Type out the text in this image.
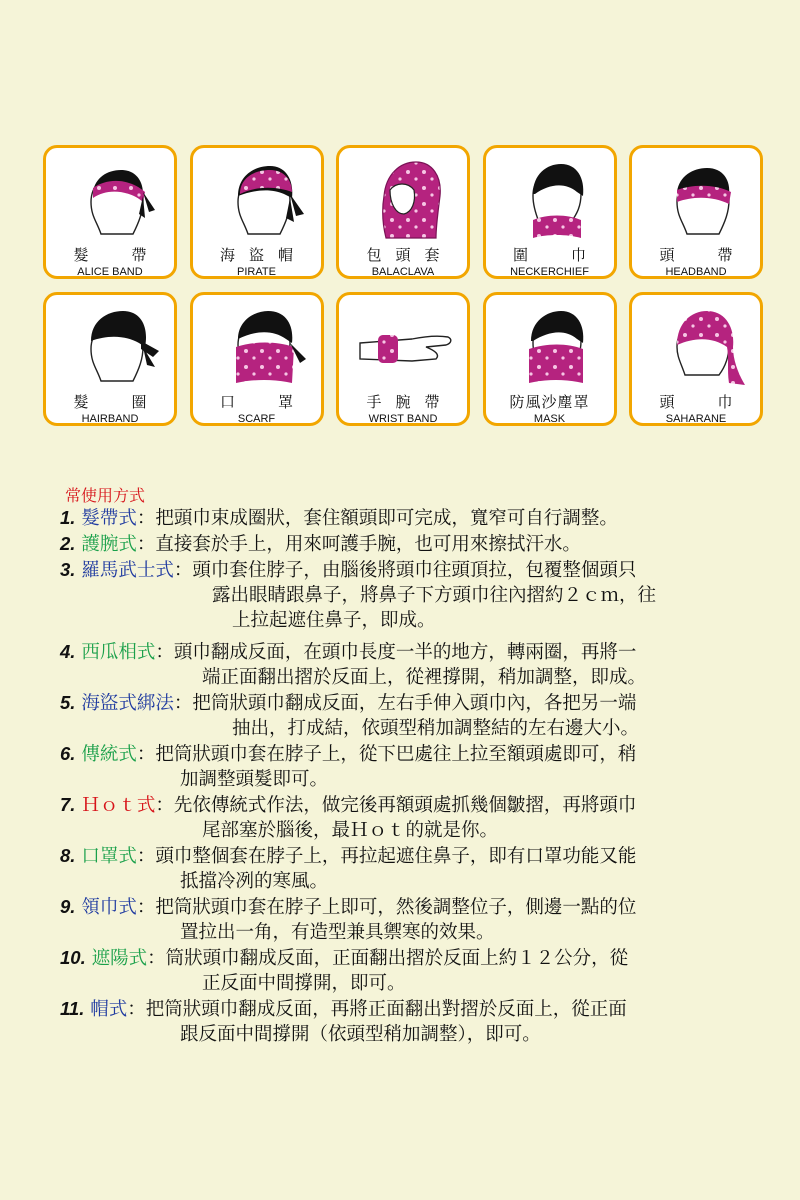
髮　帶
ALICE BAND
海盜帽
PIRATE
包頭套
BALACLAVA
圍　巾
NECKERCHIEF
頭　帶
HEADBAND
髮　圈
HAIRBAND
口　罩
SCARF
手腕帶
WRIST BAND
防風沙塵罩
MASK
頭　巾
SAHARANE
常使用方式
1. 髮帶式：把頭巾束成圈狀，套住額頭即可完成，寬窄可自行調整。
2. 護腕式：直接套於手上，用來呵護手腕，也可用來擦拭汗水。
3. 羅馬武士式：頭巾套住脖子，由腦後將頭巾往頭頂拉，包覆整個頭只
露出眼睛跟鼻子，將鼻子下方頭巾往內摺約２ｃｍ，往
上拉起遮住鼻子，即成。
4. 西瓜相式：頭巾翻成反面，在頭巾長度一半的地方，轉兩圈，再將一
端正面翻出摺於反面上，從裡撐開，稍加調整，即成。
5. 海盜式綁法：把筒狀頭巾翻成反面，左右手伸入頭巾內，各把另一端
抽出，打成結，依頭型稍加調整結的左右邊大小。
6. 傳統式：把筒狀頭巾套在脖子上，從下巴處往上拉至額頭處即可，稍
加調整頭髮即可。
7. Ｈｏｔ式：先依傳統式作法，做完後再額頭處抓幾個皺摺，再將頭巾
尾部塞於腦後，最Ｈｏｔ的就是你。
8. 口罩式：頭巾整個套在脖子上，再拉起遮住鼻子，即有口罩功能又能
抵擋冷冽的寒風。
9. 領巾式：把筒狀頭巾套在脖子上即可，然後調整位子，側邊一點的位
置拉出一角，有造型兼具禦寒的效果。
10. 遮陽式：筒狀頭巾翻成反面，正面翻出摺於反面上約１２公分，從
正反面中間撐開，即可。
11. 帽式：把筒狀頭巾翻成反面，再將正面翻出對摺於反面上，從正面
跟反面中間撐開（依頭型稍加調整），即可。
